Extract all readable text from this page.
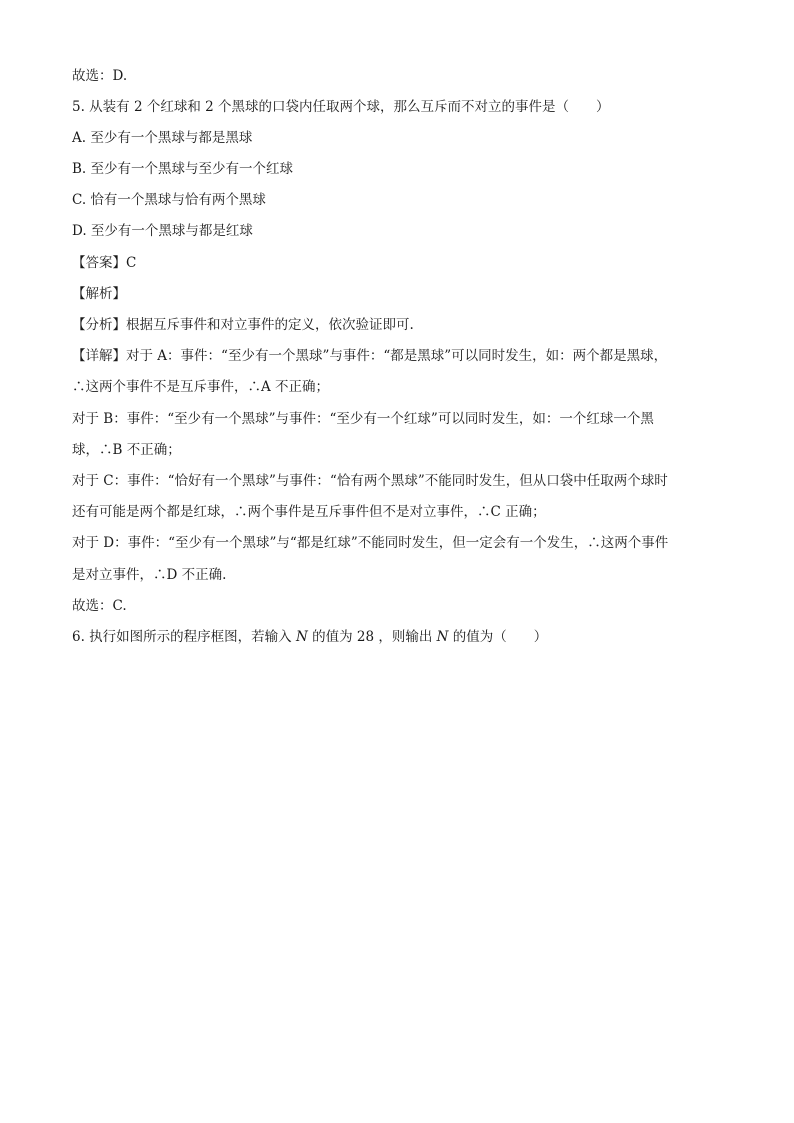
故选：D.
5. 从装有 2 个红球和 2 个黑球的口袋内任取两个球，那么互斥而不对立的事件是（　　）
A. 至少有一个黑球与都是黑球
B. 至少有一个黑球与至少有一个红球
C. 恰有一个黑球与恰有两个黑球
D. 至少有一个黑球与都是红球
【答案】C
【解析】
【分析】根据互斥事件和对立事件的定义，依次验证即可.
【详解】对于 A：事件：“至少有一个黑球”与事件：“都是黑球”可以同时发生，如：两个都是黑球，
∴这两个事件不是互斥事件，∴A 不正确；
对于 B：事件：“至少有一个黑球”与事件：“至少有一个红球”可以同时发生，如：一个红球一个黑
球，∴B 不正确；
对于 C：事件：“恰好有一个黑球”与事件：“恰有两个黑球”不能同时发生，但从口袋中任取两个球时
还有可能是两个都是红球，∴两个事件是互斥事件但不是对立事件，∴C 正确；
对于 D：事件：“至少有一个黑球”与“都是红球”不能同时发生，但一定会有一个发生，∴这两个事件
是对立事件，∴D 不正确.
故选：C.
6. 执行如图所示的程序框图，若输入 N 的值为 28 ，则输出 N 的值为（　　）
